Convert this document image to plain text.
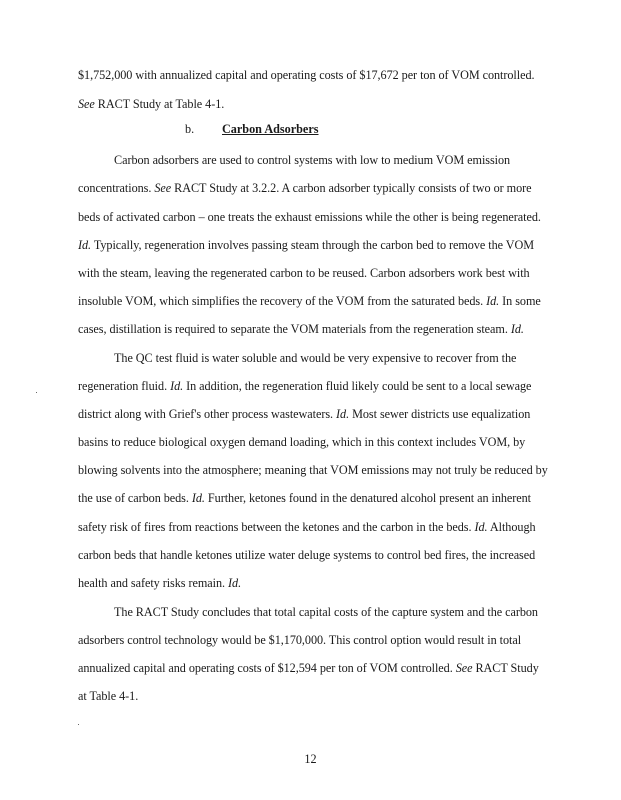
$1,752,000 with annualized capital and operating costs of $17,672 per ton of VOM controlled.
See RACT Study at Table 4-1.
b. Carbon Adsorbers
Carbon adsorbers are used to control systems with low to medium VOM emission
concentrations. See RACT Study at 3.2.2. A carbon adsorber typically consists of two or more
beds of activated carbon – one treats the exhaust emissions while the other is being regenerated.
Id. Typically, regeneration involves passing steam through the carbon bed to remove the VOM
with the steam, leaving the regenerated carbon to be reused. Carbon adsorbers work best with
insoluble VOM, which simplifies the recovery of the VOM from the saturated beds. Id. In some
cases, distillation is required to separate the VOM materials from the regeneration steam. Id.
The QC test fluid is water soluble and would be very expensive to recover from the
regeneration fluid. Id. In addition, the regeneration fluid likely could be sent to a local sewage
district along with Grief's other process wastewaters. Id. Most sewer districts use equalization
basins to reduce biological oxygen demand loading, which in this context includes VOM, by
blowing solvents into the atmosphere; meaning that VOM emissions may not truly be reduced by
the use of carbon beds. Id. Further, ketones found in the denatured alcohol present an inherent
safety risk of fires from reactions between the ketones and the carbon in the beds. Id. Although
carbon beds that handle ketones utilize water deluge systems to control bed fires, the increased
health and safety risks remain. Id.
The RACT Study concludes that total capital costs of the capture system and the carbon
adsorbers control technology would be $1,170,000. This control option would result in total
annualized capital and operating costs of $12,594 per ton of VOM controlled. See RACT Study
at Table 4-1.
12
